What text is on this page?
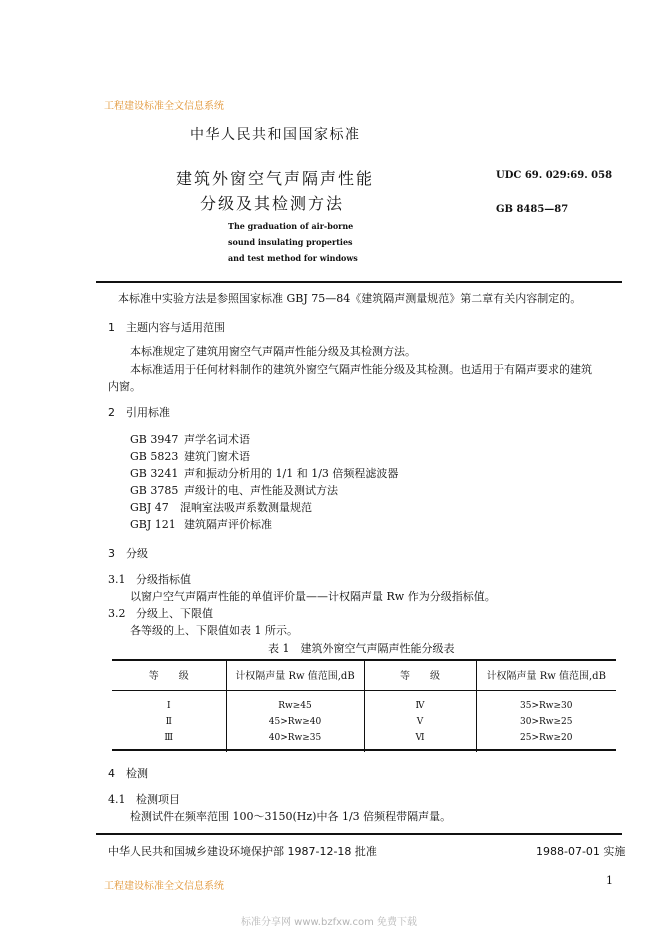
工程建设标准全文信息系统
中华人民共和国国家标准
建筑外窗空气声隔声性能
分级及其检测方法
UDC 69. 029:69. 058
GB 8485—87
The graduation of air-borne
sound insulating properties
and test method for windows
本标准中实验方法是参照国家标准 GBJ 75—84《建筑隔声测量规范》第二章有关内容制定的。
1　主题内容与适用范围
本标准规定了建筑用窗空气声隔声性能分级及其检测方法。
本标准适用于任何材料制作的建筑外窗空气隔声性能分级及其检测。也适用于有隔声要求的建筑
内窗。
2　引用标准
GB 3947 声学名词术语
GB 5823 建筑门窗术语
GB 3241 声和振动分析用的 1/1 和 1/3 倍频程滤波器
GB 3785 声级计的电、声性能及测试方法
GBJ 47 混响室法吸声系数测量规范
GBJ 121 建筑隔声评价标准
3　分级
3.1 分级指标值
以窗户空气声隔声性能的单值评价量——计权隔声量 Rw 作为分级指标值。
3.2 分级上、下限值
各等级的上、下限值如表 1 所示。
表 1　建筑外窗空气声隔声性能分级表
等　　级	计权隔声量 Rw 值范围,dB	等　　级	计权隔声量 Rw 值范围,dB
Ⅰ	Rw≥45	Ⅳ	35>Rw≥30
Ⅱ	45>Rw≥40	Ⅴ	30>Rw≥25
Ⅲ	40>Rw≥35	Ⅵ	25>Rw≥20
4　检测
4.1 检测项目
检测试件在频率范围 100～3150(Hz)中各 1/3 倍频程带隔声量。
中华人民共和国城乡建设环境保护部 1987-12-18 批准	1988-07-01 实施
工程建设标准全文信息系统	1
标准分享网 www.bzfxw.com 免费下载
